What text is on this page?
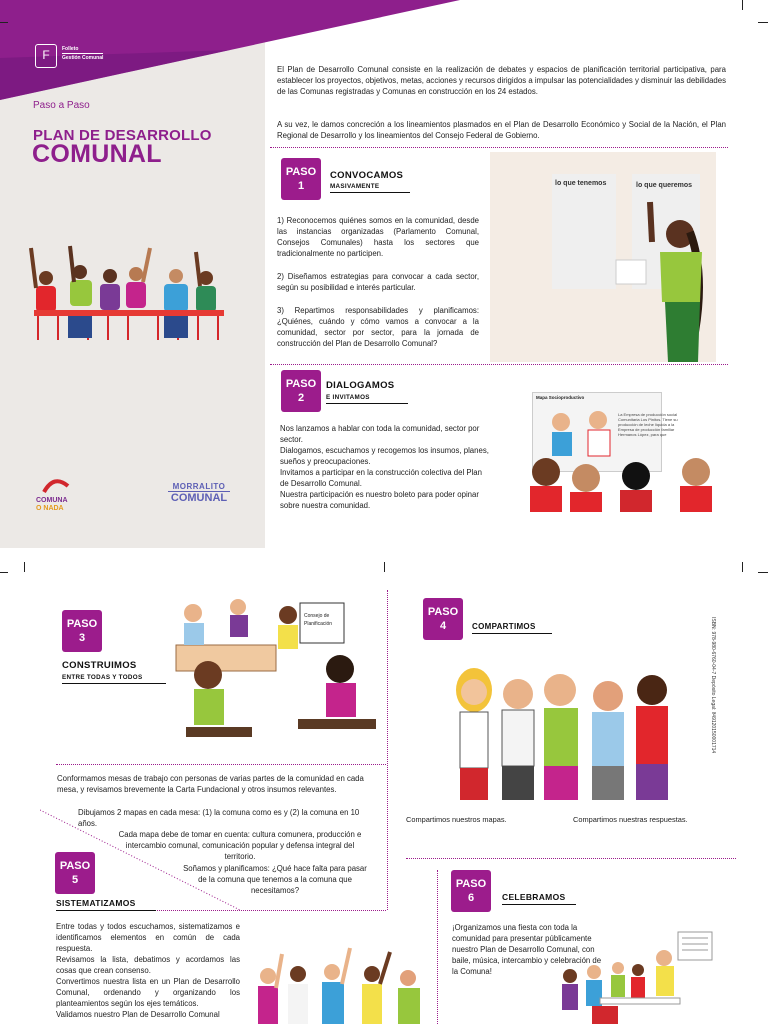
F	Folleto
Gestión Comunal
Paso a Paso
PLAN DE DESARROLLO
COMUNAL
COMUNA
O NADA
MORRALITO
COMUNAL
El Plan de Desarrollo Comunal consiste en la realización de debates y espacios de planificación territorial participativa, para establecer los proyectos, objetivos, metas, acciones y recursos dirigidos a impulsar las potencialidades y disminuir las debilidades de las Comunas registradas y Comunas en construcción en los 24 estados.
A su vez, le damos concreción a los lineamientos plasmados en el Plan de Desarrollo Económico y Social de la Nación, el Plan Regional de Desarrollo y los lineamientos del Consejo Federal de Gobierno.
PASO
1
CONVOCAMOS
MASIVAMENTE
1) Reconocemos quiénes somos en la comunidad, desde las instancias organizadas (Parlamento Comunal, Consejos Comunales) hasta los sectores que tradicionalmente no participen.
2) Diseñamos estrategias para convocar a cada sector, según su posibilidad e interés particular.
3) Repartimos responsabilidades y planificamos: ¿Quiénes, cuándo y cómo vamos a convocar a la comunidad, sector por sector, para la jornada de construcción del Plan de Desarrollo Comunal?
lo que tenemos	lo que queremos
PASO
2
DIALOGAMOS
E INVITAMOS
Nos lanzamos a hablar con toda la comunidad, sector por sector.
Dialogamos, escuchamos y recogemos los insumos, planes, sueños y preocupaciones.
Invitamos a participar en la construcción colectiva del Plan de Desarrollo Comunal.
Nuestra participación es nuestro boleto para poder opinar sobre nuestra comunidad.
Mapa Socioproductivo
La Empresa de producción social Comunitaria Los Pinitos. Tiene su producción de leche líquida a la Empresa de producción familiar Hermanos López, para que
PASO
3
CONSTRUIMOS
ENTRE TODAS Y TODOS
Consejo de
Planificación
Conformamos mesas de trabajo con personas de varias partes de la comunidad en cada mesa, y revisamos brevemente la Carta Fundacional y otros insumos relevantes.
Dibujamos 2 mapas en cada mesa: (1) la comuna como es y (2) la comuna en 10 años.
Cada mapa debe de tomar en cuenta: cultura comunera, producción e intercambio comunal, comunicación popular y defensa integral del territorio.
Soñamos y planificamos: ¿Qué hace falta para pasar de la comuna que tenemos a la comuna que necesitamos?
PASO
4	COMPARTIMOS	ISBN: 978-980-6760-04-7 Depósito Legal: lf49120150001714
Compartimos nuestros mapas.	Compartimos nuestras respuestas.
PASO
5
SISTEMATIZAMOS
Entre todas y todos escuchamos, sistematizamos e identificamos elementos en común de cada respuesta.
Revisamos la lista, debatimos y acordamos las cosas que crean consenso.
Convertimos nuestra lista en un Plan de Desarrollo Comunal, ordenando y organizando los planteamientos según los ejes temáticos.
Validamos nuestro Plan de Desarrollo Comunal
PASO
6	CELEBRAMOS
¡Organizamos una fiesta con toda la comunidad para presentar públicamente nuestro Plan de Desarrollo Comunal, con baile, música, intercambio y celebración de la Comuna!
